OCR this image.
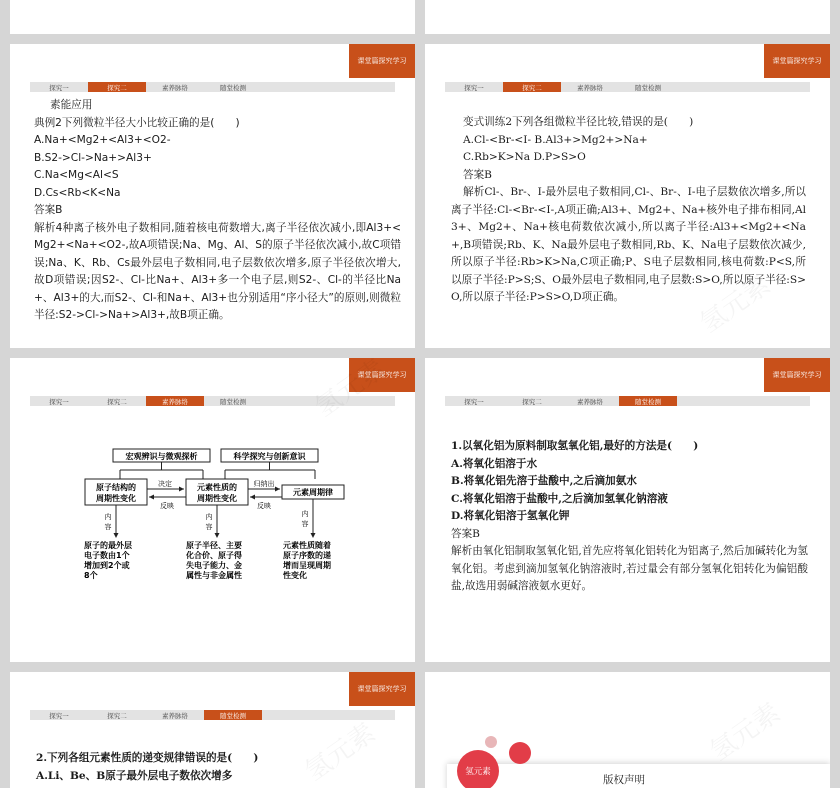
课堂篇探究学习
探究一	探究二	素养脉络	随堂检测

素能应用

典例2下列微粒半径大小比较正确的是(　　)

A.Na+<Mg2+<Al3+<O2-

B.S2->Cl->Na+>Al3+

C.Na<Mg<Al<S

D.Cs<Rb<K<Na

答案B

解析4种离子核外电子数相同,随着核电荷数增大,离子半径依次减小,即Al3+<Mg2+<Na+<O2-,故A项错误;Na、Mg、Al、S的原子半径依次减小,故C项错误;Na、K、Rb、Cs最外层电子数相同,电子层数依次增多,原子半径依次增大,故D项错误;因S2-、Cl-比Na+、Al3+多一个电子层,则S2-、Cl-的半径比Na+、Al3+的大,而S2-、Cl-和Na+、Al3+也分别适用“序小径大”的原则,则微粒半径:S2->Cl->Na+>Al3+,故B项正确。

课堂篇探究学习
探究一	探究二	素养脉络	随堂检测

变式训练2下列各组微粒半径比较,错误的是(　　)

A.Cl-<Br-<I- B.Al3+>Mg2+>Na+

C.Rb>K>Na D.P>S>O

答案B

解析Cl-、Br-、I-最外层电子数相同,Cl-、Br-、I-电子层数依次增多,所以离子半径:Cl-<Br-<I-,A项正确;Al3+、Mg2+、Na+核外电子排布相同,Al3+、Mg2+、Na+核电荷数依次减小,所以离子半径:Al3+<Mg2+<Na+,B项错误;Rb、K、Na最外层电子数相同,Rb、K、Na电子层数依次减少,所以原子半径:Rb>K>Na,C项正确;P、S电子层数相同,核电荷数:P<S,所以原子半径:P>S;S、O最外层电子数相同,电子层数:S>O,所以原子半径:S>O,所以原子半径:P>S>O,D项正确。

课堂篇探究学习
探究一	探究二	素养脉络	随堂检测
宏观辨识与微观探析	科学探究与创新意识
原子结构的
周期性变化
元素性质的
周期性变化
元素周期律
决定
反映
归纳出
反映
内
容
内
容
内
容
原子的最外层
电子数由1个
增加到2个或
8个
原子半径、主要
化合价、原子得
失电子能力、金
属性与非金属性
元素性质随着
原子序数的递
增而呈现周期
性变化
课堂篇探究学习
探究一	探究二	素养脉络	随堂检测

1.以氧化铝为原料制取氢氧化铝,最好的方法是(　　)

A.将氧化铝溶于水

B.将氧化铝先溶于盐酸中,之后滴加氨水

C.将氧化铝溶于盐酸中,之后滴加氢氧化钠溶液

D.将氧化铝溶于氢氧化钾

答案B

解析由氧化铝制取氢氧化铝,首先应将氧化铝转化为铝离子,然后加碱转化为氢氧化铝。考虑到滴加氢氧化钠溶液时,若过量会有部分氢氧化铝转化为偏铝酸盐,故选用弱碱溶液氨水更好。

课堂篇探究学习
探究一	探究二	素养脉络	随堂检测

2.下列各组元素性质的递变规律错误的是(　　)

A.Li、Be、B原子最外层电子数依次增多	氢元素
版权声明
